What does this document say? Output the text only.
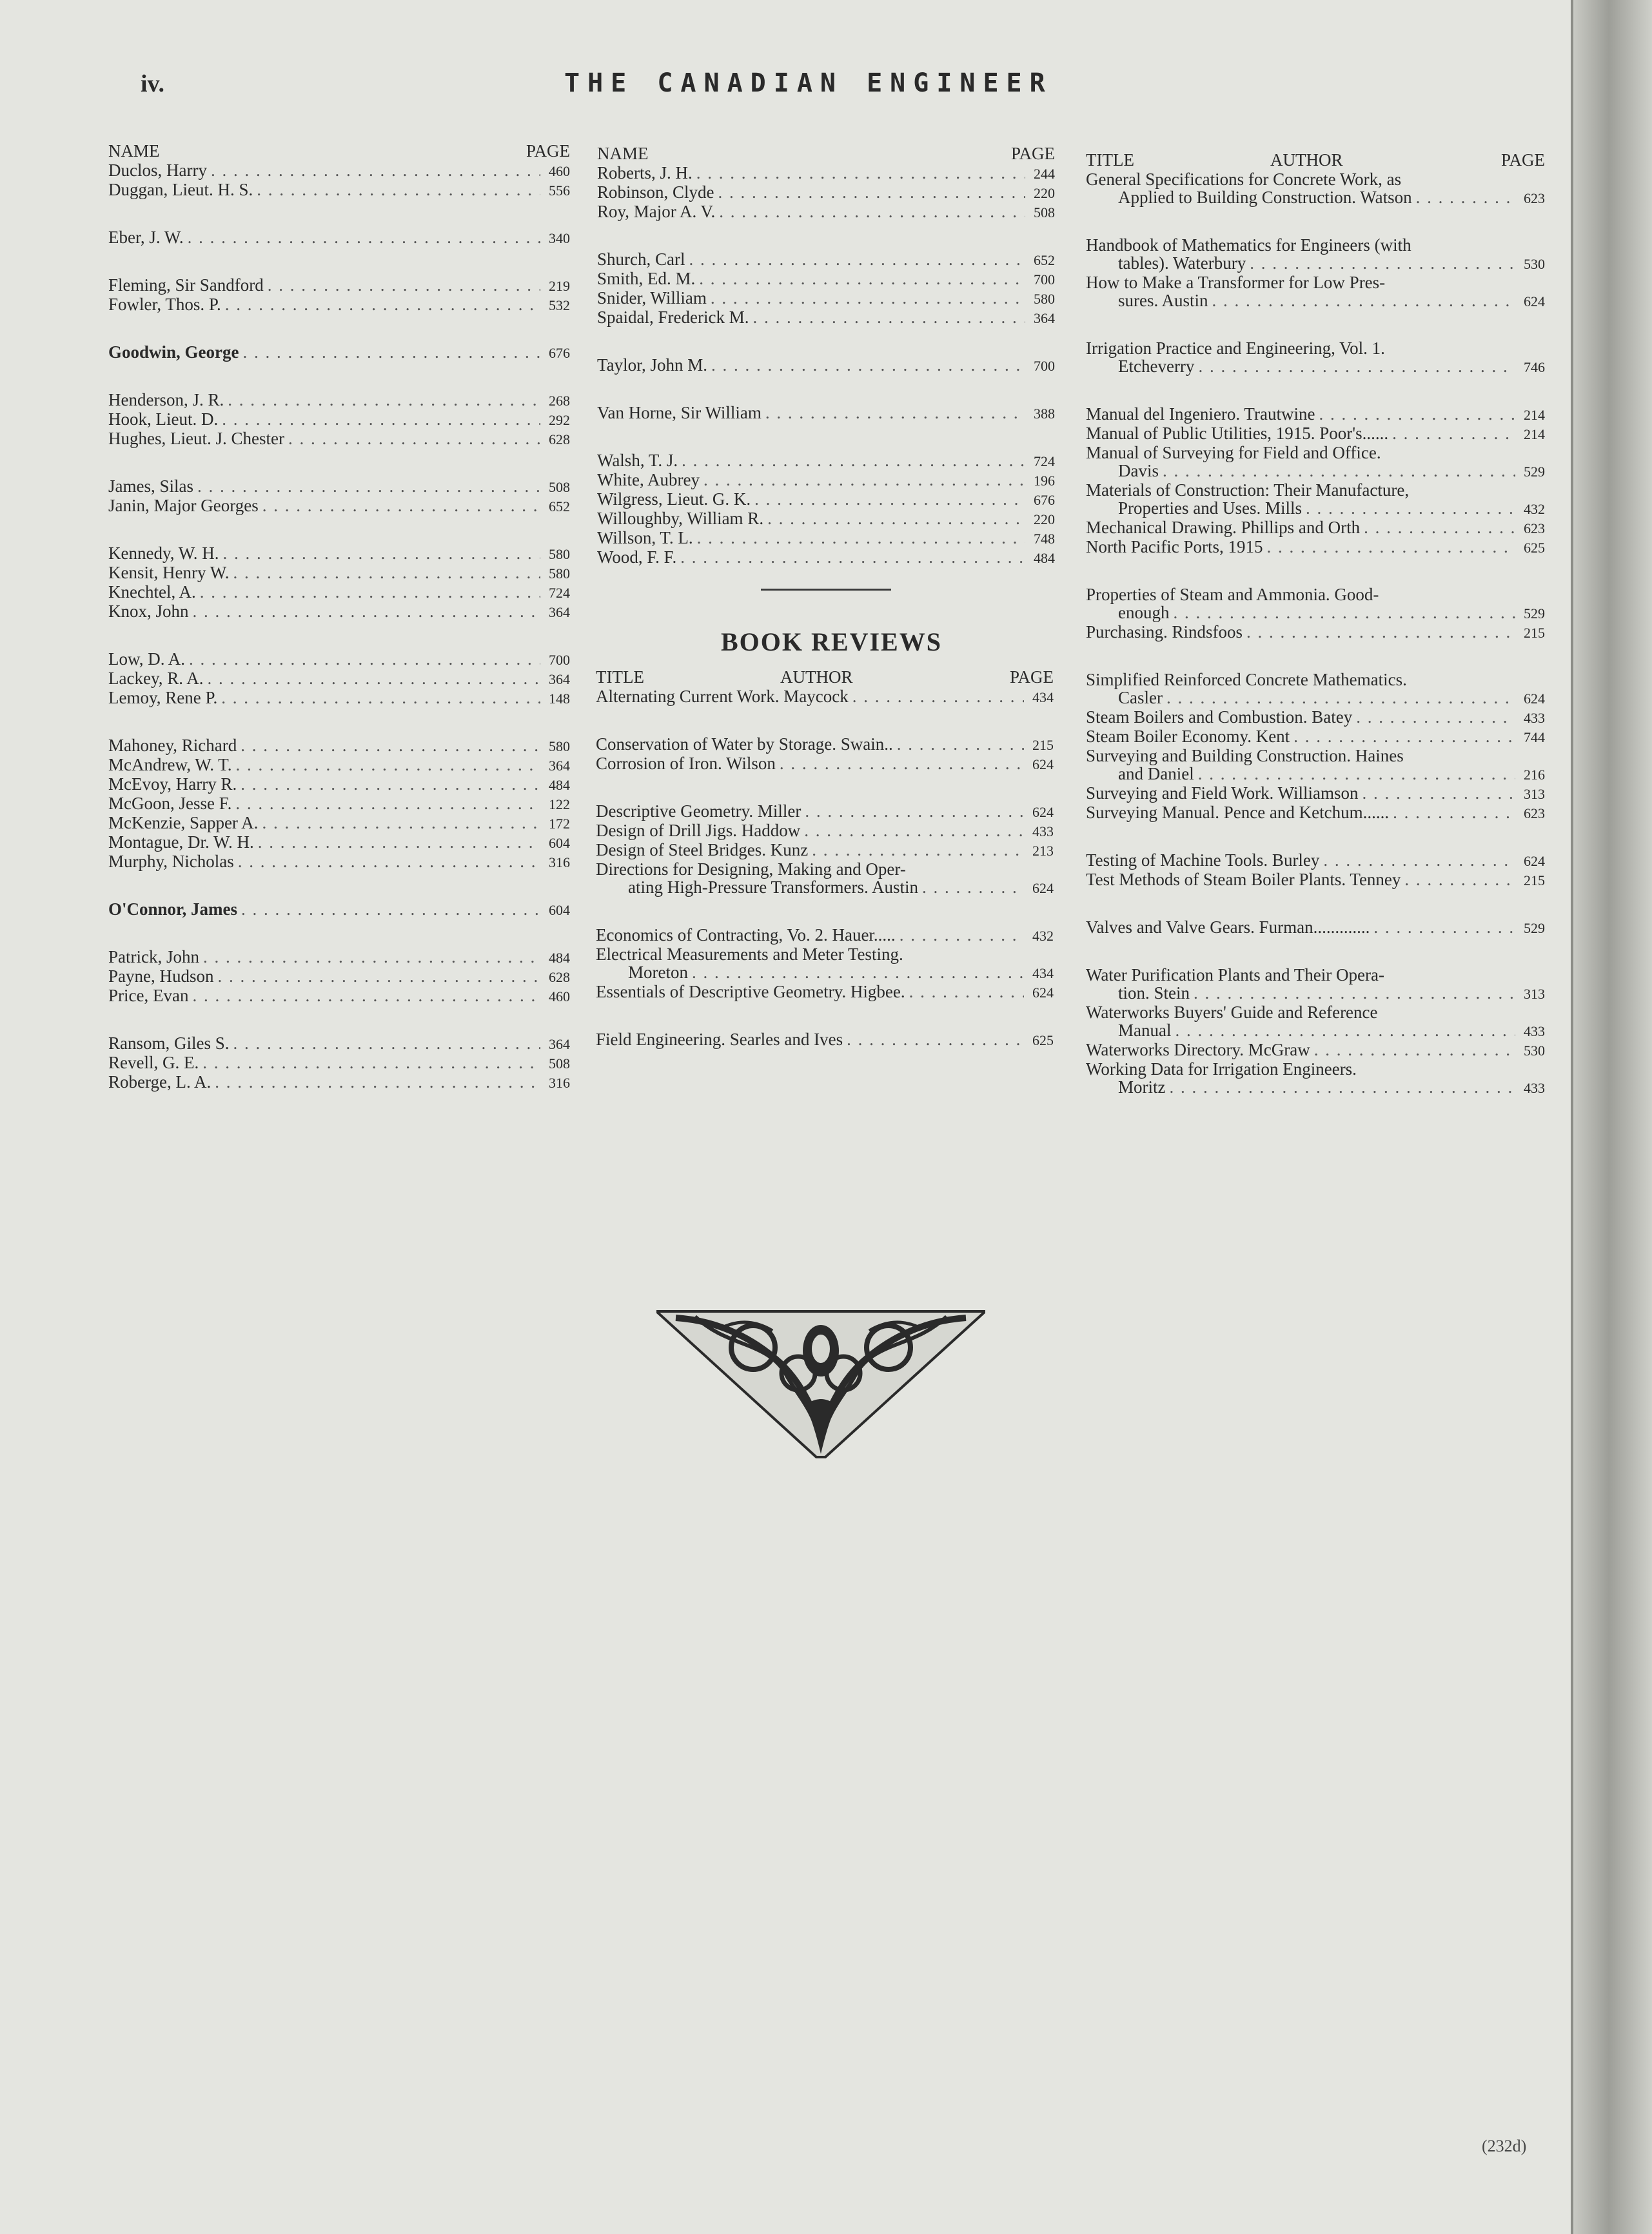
iv.	THE CANADIAN ENGINEER
NAME	PAGE
Duclos, Harry . . .	460
Duggan, Lieut. H. S. . . .	556
Eber, J. W. . . .	340
Fleming, Sir Sandford . . .	219
Fowler, Thos. P. . . .	532
Goodwin, George . . .	676
Henderson, J. R. . . .	268
Hook, Lieut. D. . . .	292
Hughes, Lieut. J. Chester . . .	628
James, Silas . . .	508
Janin, Major Georges . . .	652
Kennedy, W. H. . . .	580
Kensit, Henry W. . . .	580
Knechtel, A. . . .	724
Knox, John . . .	364
Low, D. A. . . .	700
Lackey, R. A. . . .	364
Lemoy, Rene P. . . .	148
Mahoney, Richard . . .	580
McAndrew, W. T. . . .	364
McEvoy, Harry R. . . .	484
McGoon, Jesse F. . . .	122
McKenzie, Sapper A. . . .	172
Montague, Dr. W. H. . . .	604
Murphy, Nicholas . . .	316
O'Connor, James . . .	604
Patrick, John . . .	484
Payne, Hudson . . .	628
Price, Evan . . .	460
Ransom, Giles S. . . .	364
Revell, G. E. . . .	508
Roberge, L. A. . . .	316
NAME	PAGE
Roberts, J. H. . . .	244
Robinson, Clyde . . .	220
Roy, Major A. V. . . .	508
Shurch, Carl . . .	652
Smith, Ed. M. . . .	700
Snider, William . . .	580
Spaidal, Frederick M. . . .	364
Taylor, John M. . . .	700
Van Horne, Sir William . . .	388
Walsh, T. J. . . .	724
White, Aubrey . . .	196
Wilgress, Lieut. G. K. . . .	676
Willoughby, William R. . . .	220
Willson, T. L. . . .	748
Wood, F. F. . . .	484
BOOK REVIEWS
TITLE	AUTHOR	PAGE
Alternating Current Work. Maycock . . .	434
Conservation of Water by Storage. Swain.. . . .	215
Corrosion of Iron. Wilson . . .	624
Descriptive Geometry. Miller . . .	624
Design of Drill Jigs. Haddow . . .	433
Design of Steel Bridges. Kunz . . .	213
Directions for Designing, Making and Oper-
ating High-Pressure Transformers. Austin . . .	624
Economics of Contracting, Vo. 2. Hauer..... . . .	432
Electrical Measurements and Meter Testing.
Moreton . . .	434
Essentials of Descriptive Geometry. Higbee. . . .	624
Field Engineering. Searles and Ives . . .	625
TITLE	AUTHOR	PAGE
General Specifications for Concrete Work, as
Applied to Building Construction. Watson . . .	623
Handbook of Mathematics for Engineers (with
tables). Waterbury . . .	530
How to Make a Transformer for Low Pres-
sures. Austin . . .	624
Irrigation Practice and Engineering, Vol. 1.
Etcheverry . . .	746
Manual del Ingeniero. Trautwine . . .	214
Manual of Public Utilities, 1915. Poor's...... . . .	214
Manual of Surveying for Field and Office.
Davis . . .	529
Materials of Construction: Their Manufacture,
Properties and Uses. Mills . . .	432
Mechanical Drawing. Phillips and Orth . . .	623
North Pacific Ports, 1915 . . .	625
Properties of Steam and Ammonia. Good-
enough . . .	529
Purchasing. Rindsfoos . . .	215
Simplified Reinforced Concrete Mathematics.
Casler . . .	624
Steam Boilers and Combustion. Batey . . .	433
Steam Boiler Economy. Kent . . .	744
Surveying and Building Construction. Haines
and Daniel . . .	216
Surveying and Field Work. Williamson . . .	313
Surveying Manual. Pence and Ketchum...... . . .	623
Testing of Machine Tools. Burley . . .	624
Test Methods of Steam Boiler Plants. Tenney . . .	215
Valves and Valve Gears. Furman............. . . .	529
Water Purification Plants and Their Opera-
tion. Stein . . .	313
Waterworks Buyers' Guide and Reference
Manual . . .	433
Waterworks Directory. McGraw . . .	530
Working Data for Irrigation Engineers.
Moritz . . .	433
(232d)
